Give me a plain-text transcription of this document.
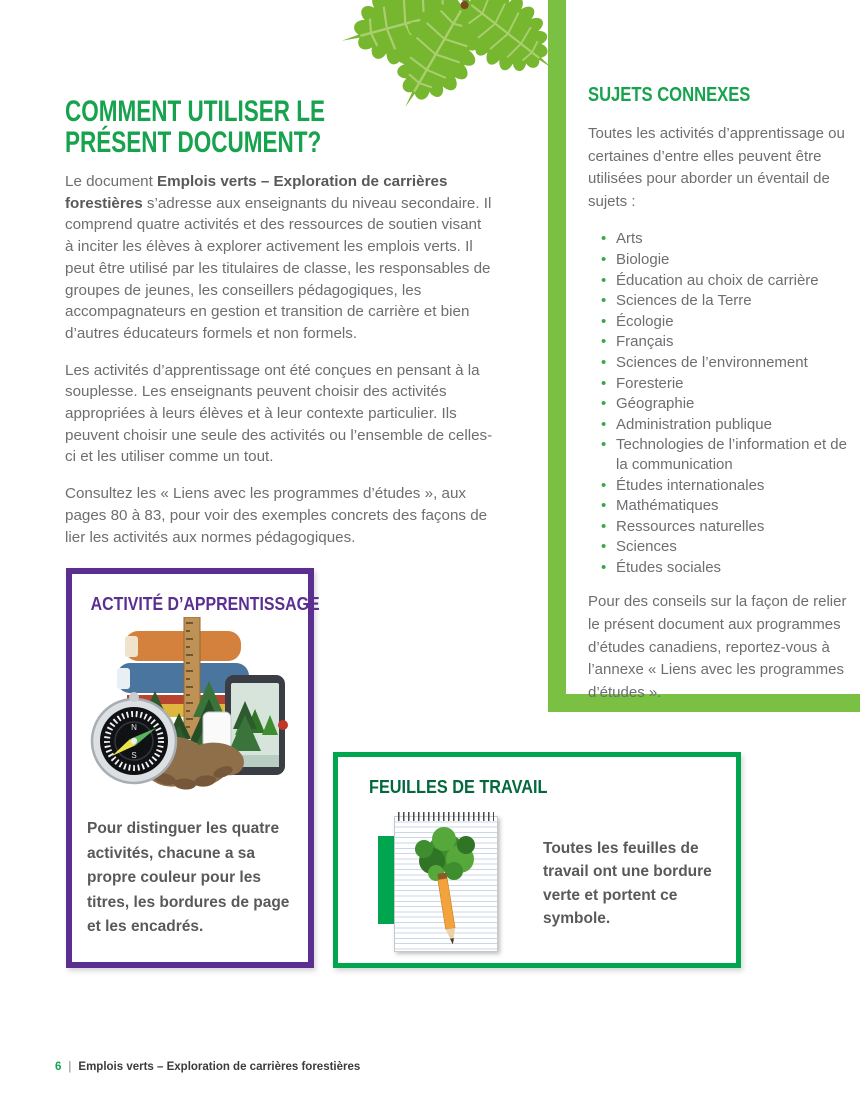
COMMENT UTILISER LE
PRÉSENT DOCUMENT?

Le document Emplois verts – Exploration de carrières forestières s’adresse aux enseignants du niveau secondaire. Il comprend quatre activités et des ressources de soutien visant à inciter les élèves à explorer activement les emplois verts. Il peut être utilisé par les titulaires de classe, les responsables de groupes de jeunes, les conseillers pédagogiques, les accompagnateurs en gestion et transition de carrière et bien d’autres éducateurs formels et non formels.

Les activités d’apprentissage ont été conçues en pensant à la souplesse. Les enseignants peuvent choisir des activités appropriées à leurs élèves et à leur contexte particulier. Ils peuvent choisir une seule des activités ou l’ensemble de celles-ci et les utiliser comme un tout.

Consultez les « Liens avec les programmes d’études », aux pages 80 à 83, pour voir des exemples concrets des façons de lier les activités aux normes pédagogiques.

SUJETS CONNEXES

Toutes les activités d’apprentissage ou certaines d’entre elles peuvent être utilisées pour aborder un éventail de sujets :

• Arts
• Biologie
• Éducation au choix de carrière
• Sciences de la Terre
• Écologie
• Français
• Sciences de l’environnement
• Foresterie
• Géographie
• Administration publique
• Technologies de l’information et de la communication
• Études internationales
• Mathématiques
• Ressources naturelles
• Sciences
• Études sociales

Pour des conseils sur la façon de relier le présent document aux programmes d’études canadiens, reportez-vous à l’annexe « Liens avec les programmes d’études ».

ACTIVITÉ D’APPRENTISSAGE
N
S

Pour distinguer les quatre activités, chacune a sa propre couleur pour les titres, les bordures de page et les encadrés.

FEUILLES DE TRAVAIL

Toutes les feuilles de travail ont une bordure verte et portent ce symbole.

6 | Emplois verts – Exploration de carrières forestières
